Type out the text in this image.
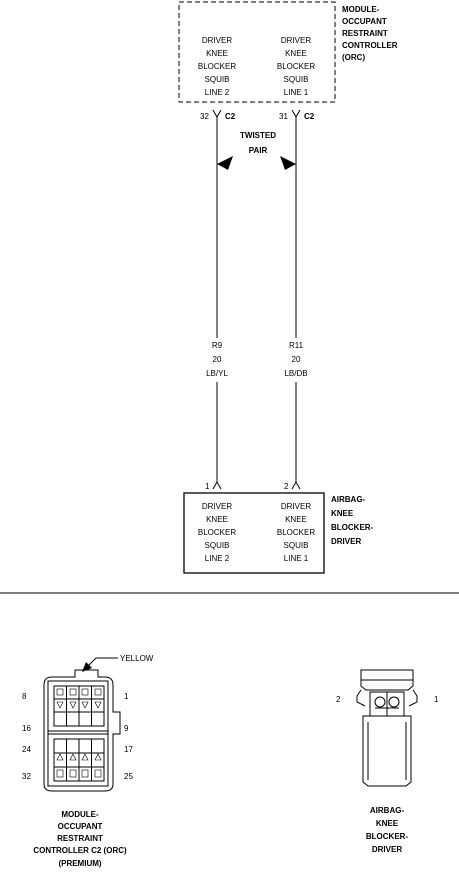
MODULE-
OCCUPANT
RESTRAINT
CONTROLLER
(ORC)
DRIVER
KNEE
BLOCKER
SQUIB
LINE 2
DRIVER
KNEE
BLOCKER
SQUIB
LINE 1
32 C2	31 C2
TWISTED
PAIR
R9
20
LB/YL
R11
20
LB/DB
1	2
DRIVER
KNEE
BLOCKER
SQUIB
LINE 2
DRIVER
KNEE
BLOCKER
SQUIB
LINE 1
AIRBAG-
KNEE
BLOCKER-
DRIVER
YELLOW
8	1
16	9
24	17
32	25
MODULE-
OCCUPANT
RESTRAINT
CONTROLLER C2 (ORC)
(PREMIUM)
2	1
AIRBAG-
KNEE
BLOCKER-
DRIVER
